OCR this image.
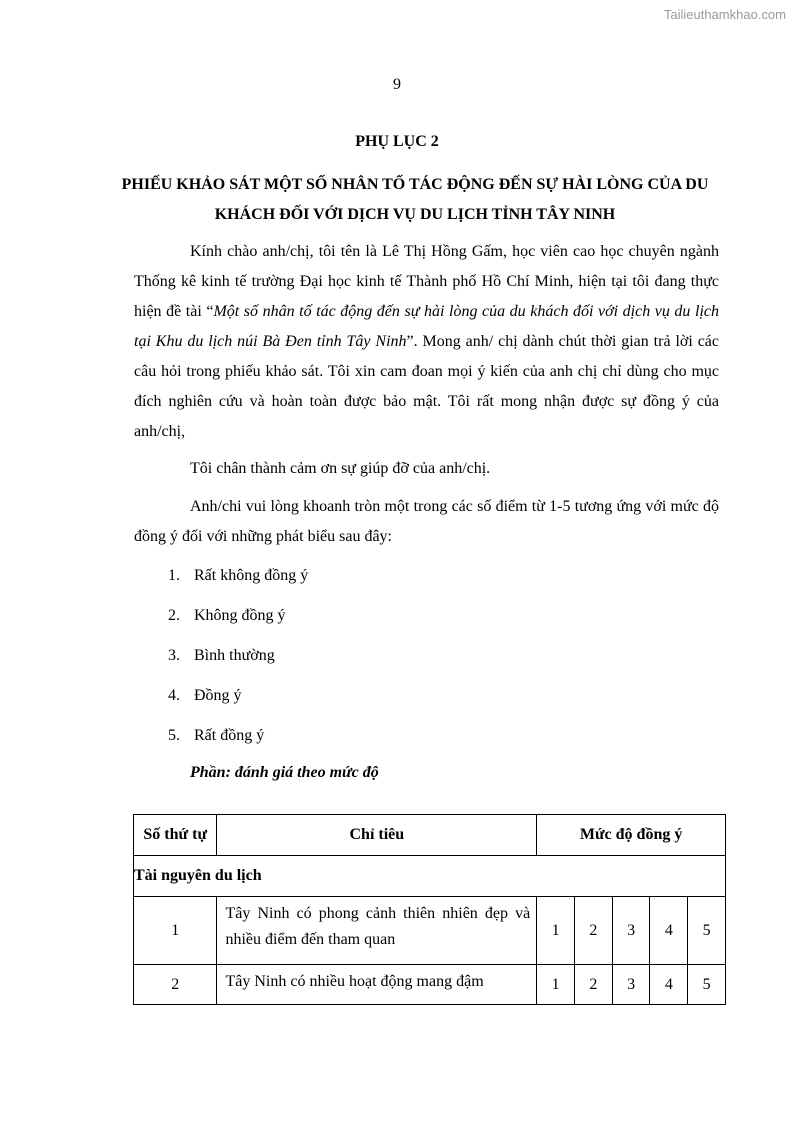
Tailieuthamkhao.com
9
PHỤ LỤC 2
PHIẾU KHẢO SÁT MỘT SỐ NHÂN TỐ TÁC ĐỘNG ĐẾN SỰ HÀI LÒNG CỦA DU KHÁCH ĐỐI VỚI DỊCH VỤ DU LỊCH TỈNH TÂY NINH

Kính chào anh/chị, tôi tên là Lê Thị Hồng Gấm, học viên cao học chuyên ngành Thống kê kinh tế trường Đại học kinh tế Thành phố Hồ Chí Minh, hiện tại tôi đang thực hiện đề tài “Một số nhân tố tác động đến sự hài lòng của du khách đối với dịch vụ du lịch tại Khu du lịch núi Bà Đen tỉnh Tây Ninh”. Mong anh/ chị dành chút thời gian trả lời các câu hỏi trong phiếu khảo sát. Tôi xin cam đoan mọi ý kiến của anh chị chỉ dùng cho mục đích nghiên cứu và hoàn toàn được bảo mật. Tôi rất mong nhận được sự đồng ý của anh/chị,

Tôi chân thành cảm ơn sự giúp đỡ của anh/chị.

Anh/chi vui lòng khoanh tròn một trong các số điểm từ 1-5 tương ứng với mức độ đồng ý đối với những phát biểu sau đây:

1. Rất không đồng ý
2. Không đồng ý
3. Bình thường
4. Đồng ý
5. Rất đồng ý
Phần: đánh giá theo mức độ
Số thứ tự	Chỉ tiêu	Mức độ đồng ý				
Tài nguyên du lịch						
1	Tây Ninh có phong cảnh thiên nhiên đẹp và nhiều điểm đến tham quan	1	2	3	4	5
2	Tây Ninh có nhiều hoạt động mang đậm	1	2	3	4	5
